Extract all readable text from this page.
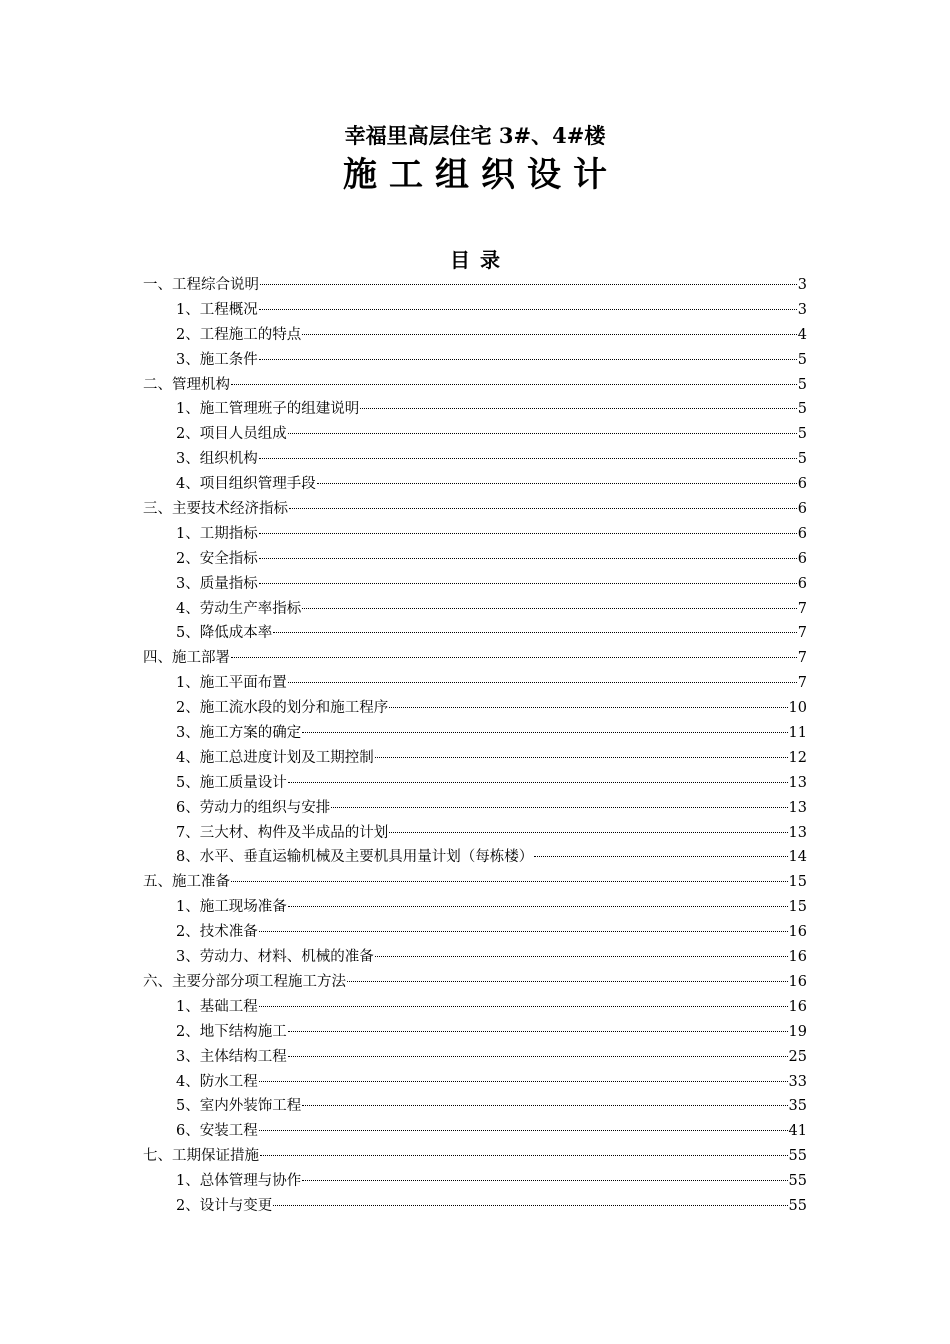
幸福里高层住宅 3#、4#楼
施工组织设计
目录
一、工程综合说明	3
1、工程概况	3
2、工程施工的特点	4
3、施工条件	5
二、管理机构	5
1、施工管理班子的组建说明	5
2、项目人员组成	5
3、组织机构	5
4、项目组织管理手段	6
三、主要技术经济指标	6
1、工期指标	6
2、安全指标	6
3、质量指标	6
4、劳动生产率指标	7
5、降低成本率	7
四、施工部署	7
1、施工平面布置	7
2、施工流水段的划分和施工程序	10
3、施工方案的确定	11
4、施工总进度计划及工期控制	12
5、施工质量设计	13
6、劳动力的组织与安排	13
7、三大材、构件及半成品的计划	13
8、水平、垂直运输机械及主要机具用量计划（每栋楼）	14
五、施工准备	15
1、施工现场准备	15
2、技术准备	16
3、劳动力、材料、机械的准备	16
六、主要分部分项工程施工方法	16
1、基础工程	16
2、地下结构施工	19
3、主体结构工程	25
4、防水工程	33
5、室内外装饰工程	35
6、安装工程	41
七、工期保证措施	55
1、总体管理与协作	55
2、设计与变更	55
